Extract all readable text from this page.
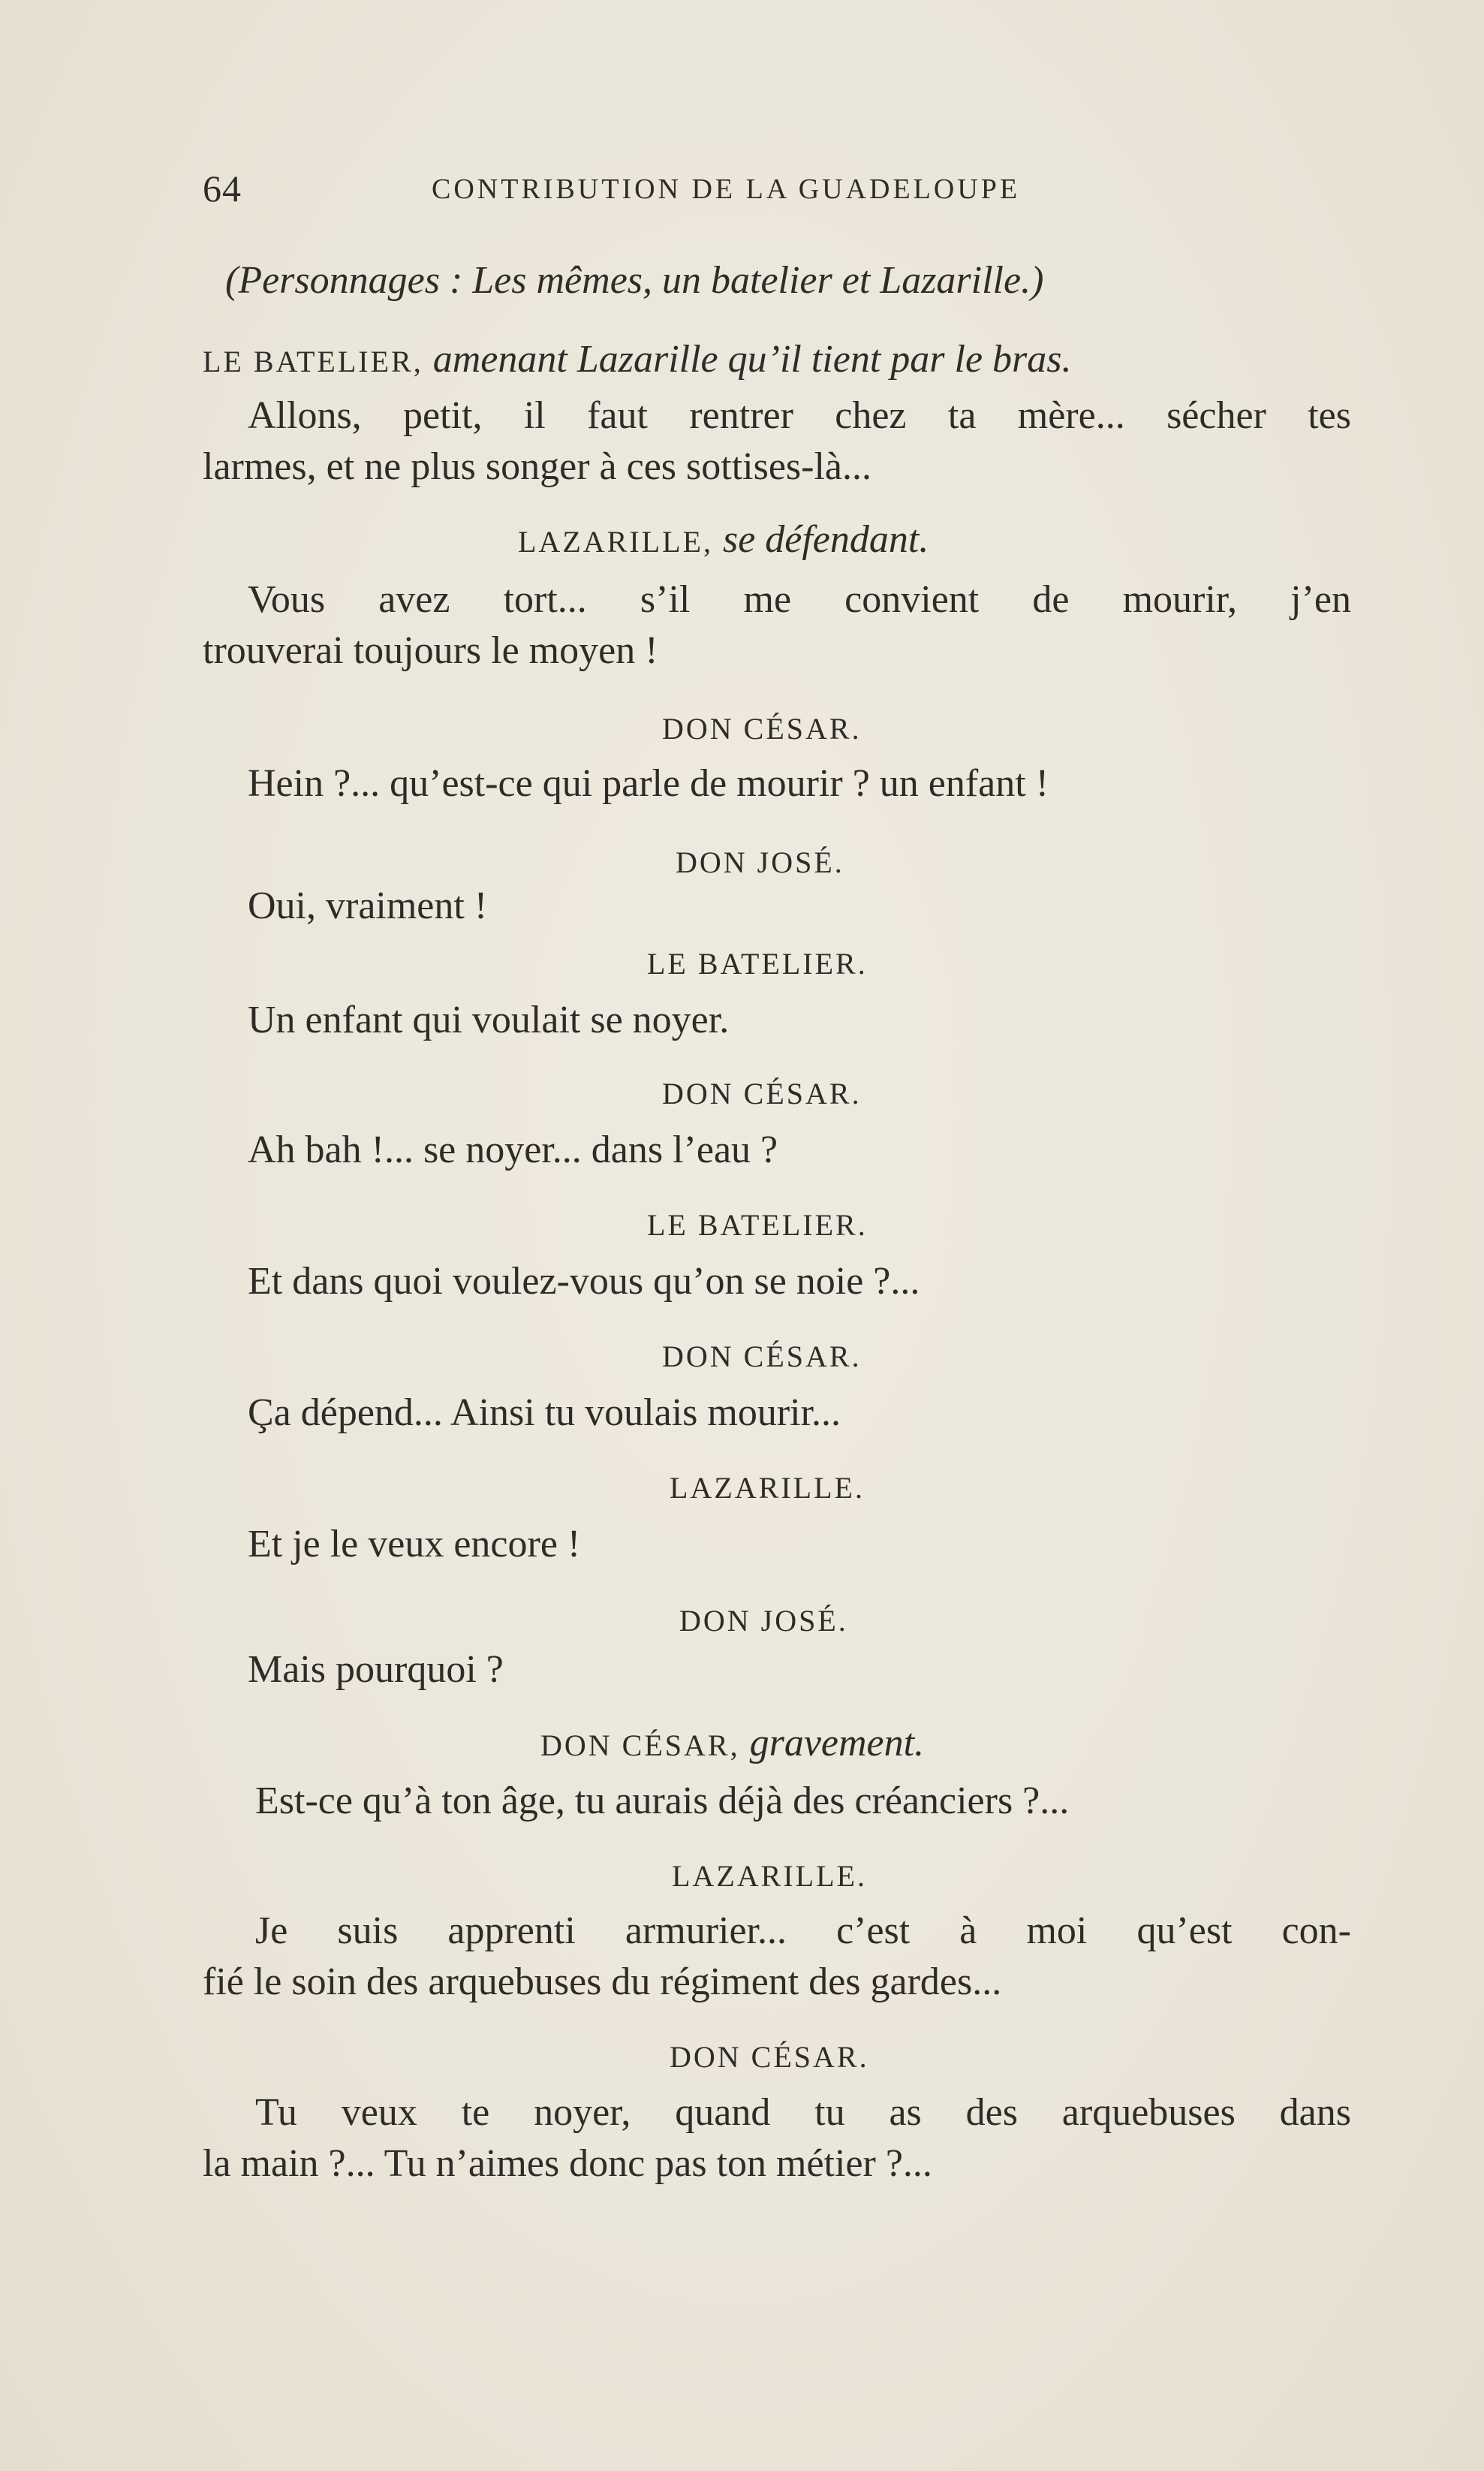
64	CONTRIBUTION DE LA GUADELOUPE
(Personnages : Les mêmes, un batelier et Lazarille.)
LE BATELIER, amenant Lazarille qu’il tient par le bras.
Allons, petit, il faut rentrer chez ta mère... sécher tes
larmes, et ne plus songer à ces sottises-là...
LAZARILLE, se défendant.
Vous avez tort... s’il me convient de mourir, j’en
trouverai toujours le moyen !
DON CÉSAR.
Hein ?... qu’est-ce qui parle de mourir ? un enfant !
DON JOSÉ.
Oui, vraiment !
LE BATELIER.
Un enfant qui voulait se noyer.
DON CÉSAR.
Ah bah !... se noyer... dans l’eau ?
LE BATELIER.
Et dans quoi voulez-vous qu’on se noie ?...
DON CÉSAR.
Ça dépend... Ainsi tu voulais mourir...
LAZARILLE.
Et je le veux encore !
DON JOSÉ.
Mais pourquoi ?
DON CÉSAR, gravement.
Est-ce qu’à ton âge, tu aurais déjà des créanciers ?...
LAZARILLE.
Je suis apprenti armurier... c’est à moi qu’est con-
fié le soin des arquebuses du régiment des gardes...
DON CÉSAR.
Tu veux te noyer, quand tu as des arquebuses dans
la main ?... Tu n’aimes donc pas ton métier ?...
